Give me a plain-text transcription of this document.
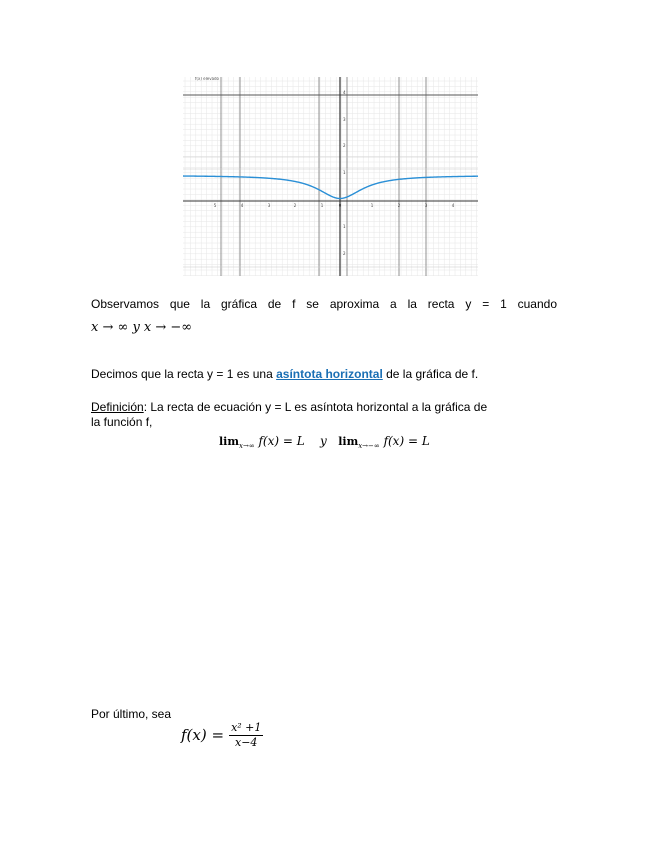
f(x) elevado
5	4	3	2	1	0	1	2	3	4
4
3
2
1
1
2
Observamos que la gráfica de f se aproxima a la recta y = 1 cuando
x → ∞ y x → −∞
Decimos que la recta y = 1 es una asíntota horizontal de la gráfica de f.
Definición: La recta de ecuación y = L es asíntota horizontal a la gráfica de la función f,
$\lim_{x\to\infty} f(x) = L$ y $\lim_{x\to-\infty} f(x) = L$
Por último, sea
$f(x) = \frac{\text{x² +1}}{x-4}$
